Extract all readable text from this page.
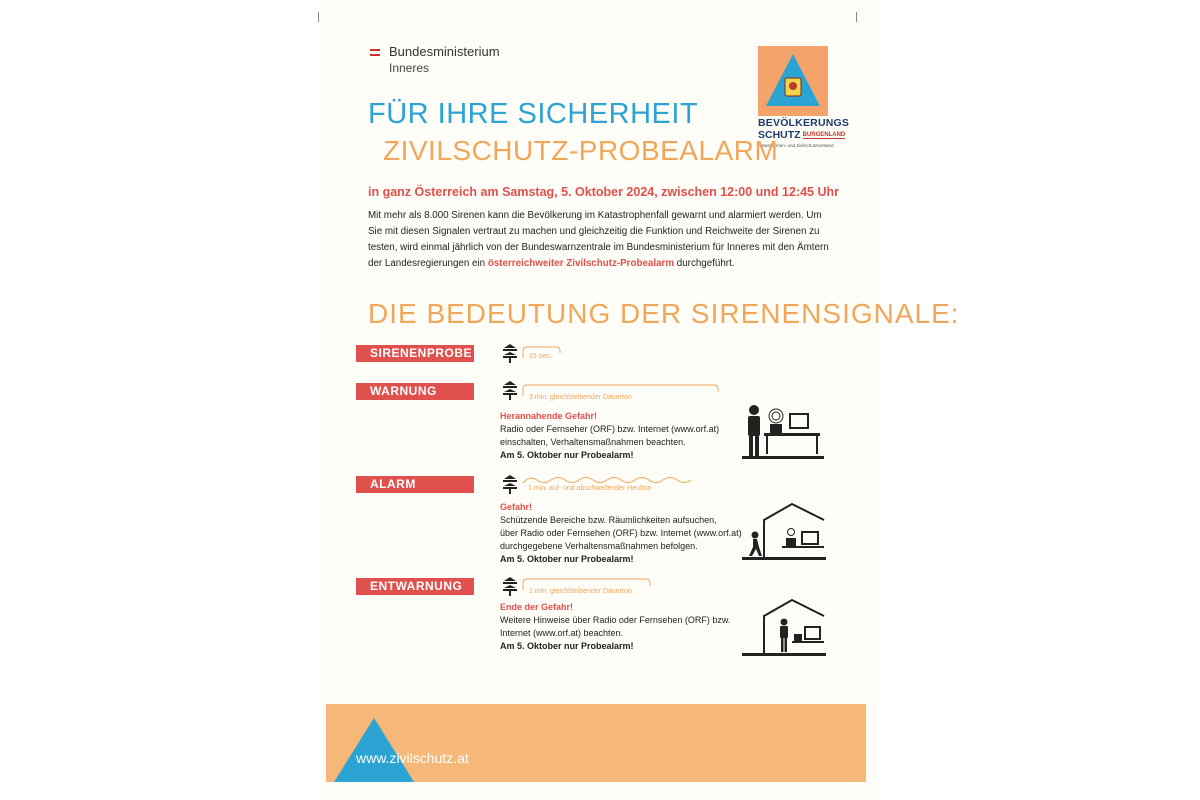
Bundesministerium
Inneres
BEVÖLKERUNGS
SCHUTZ $^{BURGENLAND}$
Katastrophen- und Zivilschutzverband
FÜR IHRE SICHERHEIT
ZIVILSCHUTZ-PROBEALARM
in ganz Österreich am Samstag, 5. Oktober 2024, zwischen 12:00 und 12:45 Uhr
Mit mehr als 8.000 Sirenen kann die Bevölkerung im Katastrophenfall gewarnt und alarmiert werden. Um Sie mit diesen Signalen vertraut zu machen und gleichzeitig die Funktion und Reichweite der Sirenen zu testen, wird einmal jährlich von der Bundeswarnzentrale im Bundesministerium für Inneres mit den Ämtern der Landesregierungen ein österreichweiter Zivilschutz-Probealarm durchgeführt.
DIE BEDEUTUNG DER SIRENENSIGNALE:
SIRENENPROBE	15 sec.
WARNUNG	3 min. gleichbleibender Dauerton
Herannahende Gefahr!
Radio oder Fernseher (ORF) bzw. Internet (www.orf.at)
einschalten, Verhaltensmaßnahmen beachten.
Am 5. Oktober nur Probealarm!
ALARM	1 min. auf- und abschwellender Heulton
Gefahr!
Schützende Bereiche bzw. Räumlichkeiten aufsuchen,
über Radio oder Fernsehen (ORF) bzw. Internet (www.orf.at)
durchgegebene Verhaltensmaßnahmen befolgen.
Am 5. Oktober nur Probealarm!
ENTWARNUNG	1 min. gleichbleibender Dauerton
Ende der Gefahr!
Weitere Hinweise über Radio oder Fernsehen (ORF) bzw.
Internet (www.orf.at) beachten.
Am 5. Oktober nur Probealarm!
www.zivilschutz.at
